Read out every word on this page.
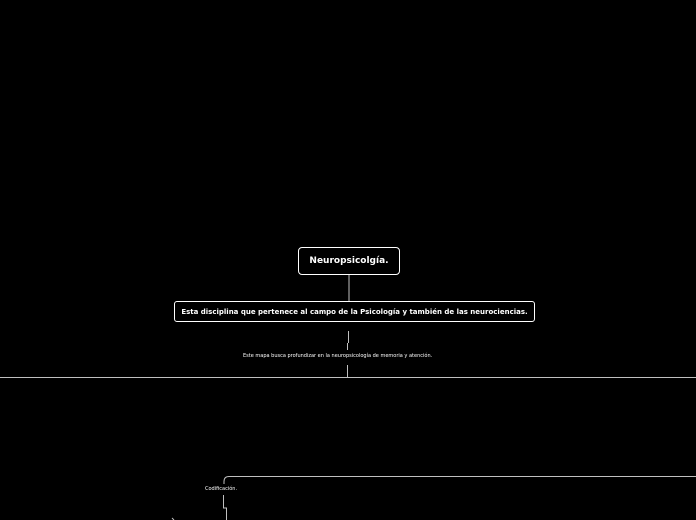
Neuropsicolgía.
Esta disciplina que pertenece al campo de la Psicología y también de las neurociencias.
Este mapa busca profundizar en la neuropsicología de memoria y atención.
Codificación.
